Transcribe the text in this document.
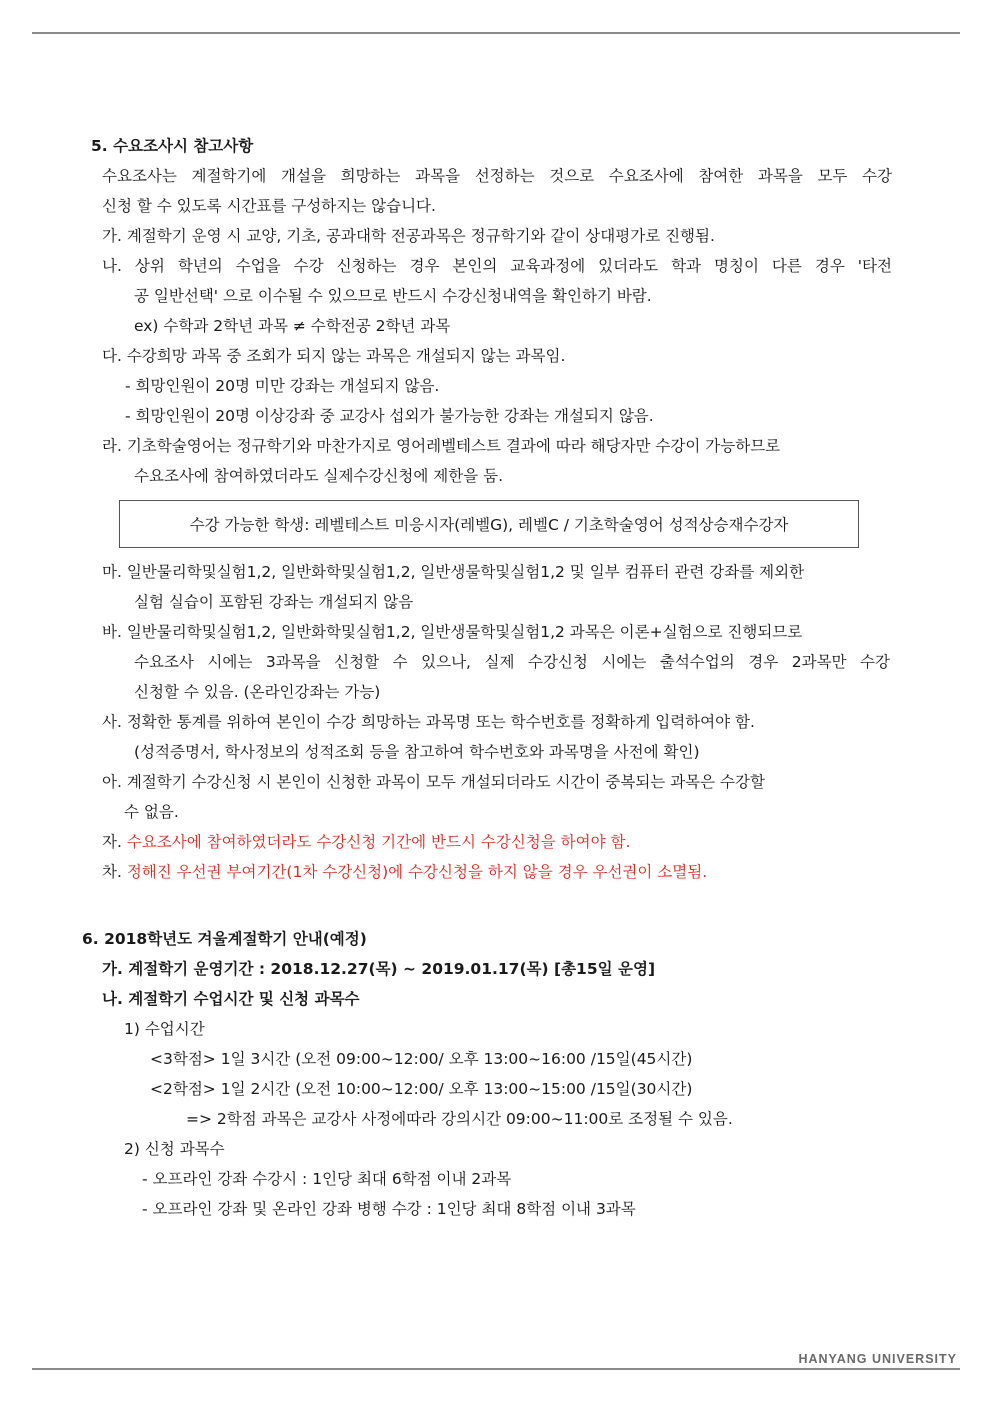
5. 수요조사시 참고사항
수요조사는 계절학기에 개설을 희망하는 과목을 선정하는 것으로 수요조사에 참여한 과목을 모두 수강
신청 할 수 있도록 시간표를 구성하지는 않습니다.
가. 계절학기 운영 시 교양, 기초, 공과대학 전공과목은 정규학기와 같이 상대평가로 진행됨.
나. 상위 학년의 수업을 수강 신청하는 경우 본인의 교육과정에 있더라도 학과 명칭이 다른 경우 '타전
공 일반선택' 으로 이수될 수 있으므로 반드시 수강신청내역을 확인하기 바람.
ex) 수학과 2학년 과목 ≠ 수학전공 2학년 과목
다. 수강희망 과목 중 조회가 되지 않는 과목은 개설되지 않는 과목임.
- 희망인원이 20명 미만 강좌는 개설되지 않음.
- 희망인원이 20명 이상강좌 중 교강사 섭외가 불가능한 강좌는 개설되지 않음.
라. 기초학술영어는 정규학기와 마찬가지로 영어레벨테스트 결과에 따라 해당자만 수강이 가능하므로
수요조사에 참여하였더라도 실제수강신청에 제한을 둠.
수강 가능한 학생: 레벨테스트 미응시자(레벨G), 레벨C / 기초학술영어 성적상승재수강자
마. 일반물리학및실험1,2, 일반화학및실험1,2, 일반생물학및실험1,2 및 일부 컴퓨터 관련 강좌를 제외한
실험 실습이 포함된 강좌는 개설되지 않음
바. 일반물리학및실험1,2, 일반화학및실험1,2, 일반생물학및실험1,2 과목은 이론+실험으로 진행되므로
수요조사 시에는 3과목을 신청할 수 있으나, 실제 수강신청 시에는 출석수업의 경우 2과목만 수강
신청할 수 있음. (온라인강좌는 가능)
사. 정확한 통계를 위하여 본인이 수강 희망하는 과목명 또는 학수번호를 정확하게 입력하여야 함.
(성적증명서, 학사정보의 성적조회 등을 참고하여 학수번호와 과목명을 사전에 확인)
아. 계절학기 수강신청 시 본인이 신청한 과목이 모두 개설되더라도 시간이 중복되는 과목은 수강할
수 없음.
자. 수요조사에 참여하였더라도 수강신청 기간에 반드시 수강신청을 하여야 함.
차. 정해진 우선권 부여기간(1차 수강신청)에 수강신청을 하지 않을 경우 우선권이 소멸됨.
6. 2018학년도 겨울계절학기 안내(예정)
가. 계절학기 운영기간 : 2018.12.27(목) ~ 2019.01.17(목) [총15일 운영]
나. 계절학기 수업시간 및 신청 과목수
1) 수업시간
<3학점> 1일 3시간 (오전 09:00~12:00/ 오후 13:00~16:00 /15일(45시간)
<2학점> 1일 2시간 (오전 10:00~12:00/ 오후 13:00~15:00 /15일(30시간)
=> 2학점 과목은 교강사 사정에따라 강의시간 09:00~11:00로 조정될 수 있음.
2) 신청 과목수
- 오프라인 강좌 수강시 : 1인당 최대 6학점 이내 2과목
- 오프라인 강좌 및 온라인 강좌 병행 수강 : 1인당 최대 8학점 이내 3과목
HANYANG UNIVERSITY
